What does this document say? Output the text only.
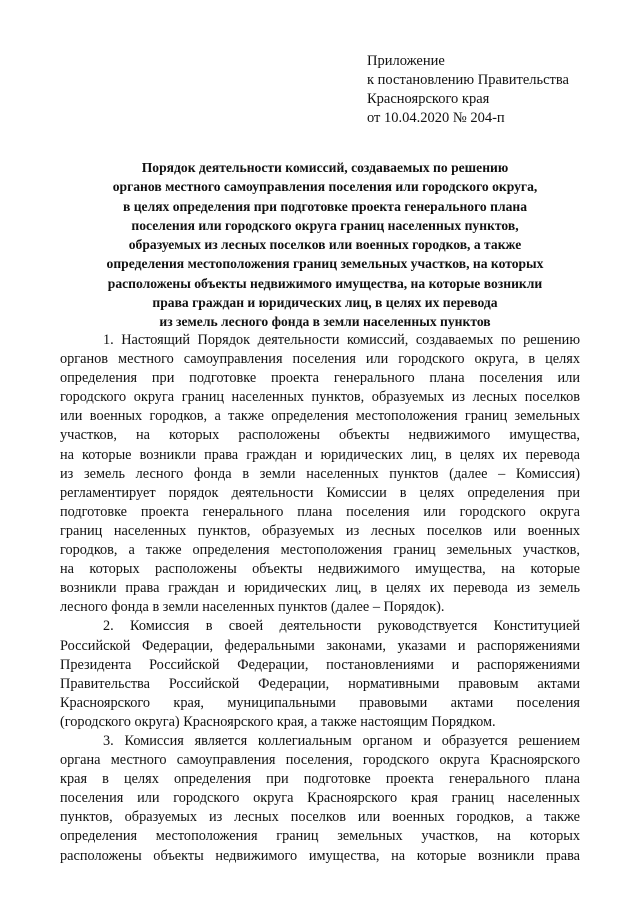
Приложение
к постановлению Правительства
Красноярского края
от 10.04.2020 № 204-п
Порядок деятельности комиссий, создаваемых по решению
органов местного самоуправления поселения или городского округа,
в целях определения при подготовке проекта генерального плана
поселения или городского округа границ населенных пунктов,
образуемых из лесных поселков или военных городков, а также
определения местоположения границ земельных участков, на которых
расположены объекты недвижимого имущества, на которые возникли
права граждан и юридических лиц, в целях их перевода
из земель лесного фонда в земли населенных пунктов
1. Настоящий Порядок деятельности комиссий, создаваемых по решению
органов местного самоуправления поселения или городского округа, в целях
определения при подготовке проекта генерального плана поселения или
городского округа границ населенных пунктов, образуемых из лесных поселков
или военных городков, а также определения местоположения границ земельных
участков, на которых расположены объекты недвижимого имущества,
на которые возникли права граждан и юридических лиц, в целях их перевода
из земель лесного фонда в земли населенных пунктов (далее – Комиссия)
регламентирует порядок деятельности Комиссии в целях определения при
подготовке проекта генерального плана поселения или городского округа
границ населенных пунктов, образуемых из лесных поселков или военных
городков, а также определения местоположения границ земельных участков,
на которых расположены объекты недвижимого имущества, на которые
возникли права граждан и юридических лиц, в целях их перевода из земель
лесного фонда в земли населенных пунктов (далее – Порядок).
2. Комиссия в своей деятельности руководствуется Конституцией
Российской Федерации, федеральными законами, указами и распоряжениями
Президента Российской Федерации, постановлениями и распоряжениями
Правительства Российской Федерации, нормативными правовым актами
Красноярского края, муниципальными правовыми актами поселения
(городского округа) Красноярского края, а также настоящим Порядком.
3. Комиссия является коллегиальным органом и образуется решением
органа местного самоуправления поселения, городского округа Красноярского
края в целях определения при подготовке проекта генерального плана
поселения или городского округа Красноярского края границ населенных
пунктов, образуемых из лесных поселков или военных городков, а также
определения местоположения границ земельных участков, на которых
расположены объекты недвижимого имущества, на которые возникли права
